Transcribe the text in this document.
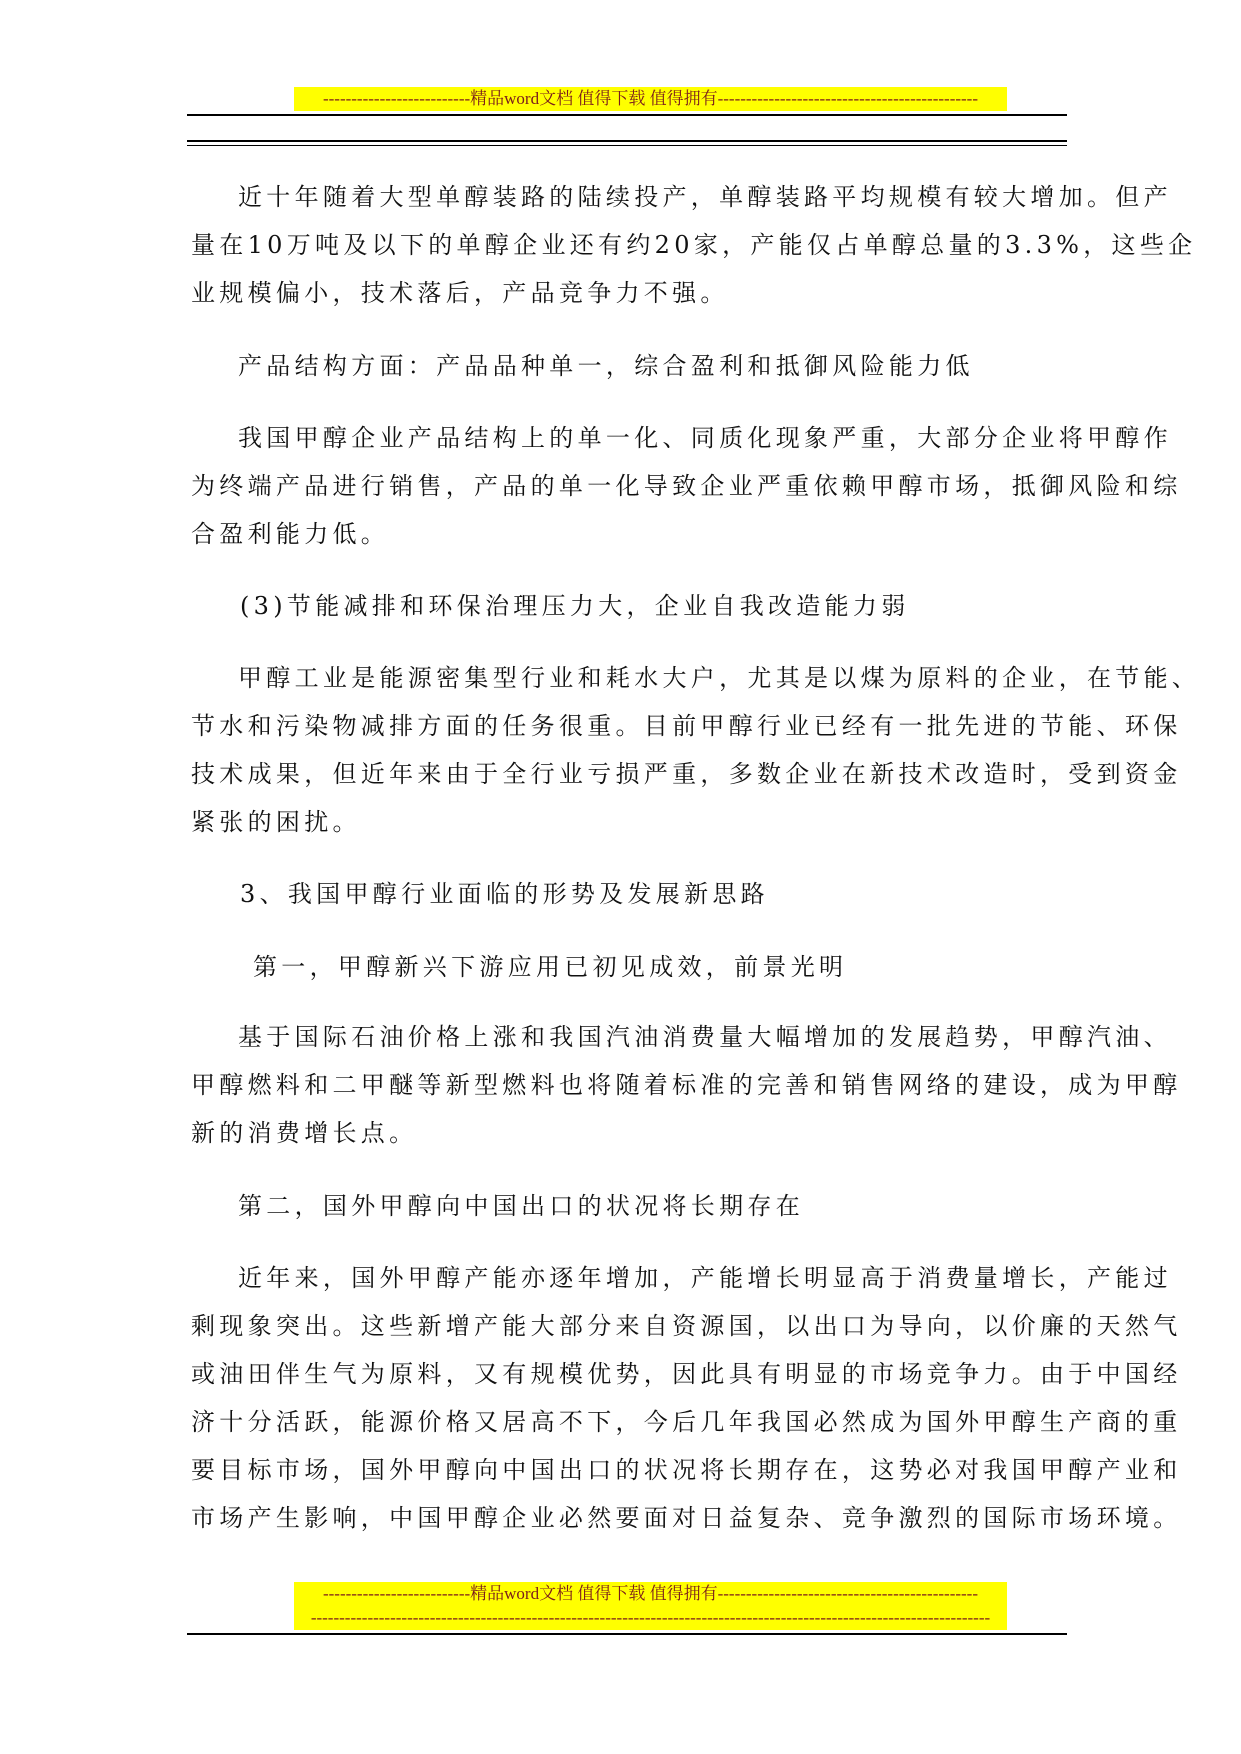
--------------------------精品word文档 值得下载 值得拥有----------------------------------------------
近十年随着大型单醇装路的陆续投产，单醇装路平均规模有较大增加。但产
量在10万吨及以下的单醇企业还有约20家，产能仅占单醇总量的3.3%，这些企
业规模偏小，技术落后，产品竞争力不强。
产品结构方面：产品品种单一，综合盈利和抵御风险能力低
我国甲醇企业产品结构上的单一化、同质化现象严重，大部分企业将甲醇作
为终端产品进行销售，产品的单一化导致企业严重依赖甲醇市场，抵御风险和综
合盈利能力低。
(3)节能减排和环保治理压力大，企业自我改造能力弱
甲醇工业是能源密集型行业和耗水大户，尤其是以煤为原料的企业，在节能、
节水和污染物减排方面的任务很重。目前甲醇行业已经有一批先进的节能、环保
技术成果，但近年来由于全行业亏损严重，多数企业在新技术改造时，受到资金
紧张的困扰。
3、我国甲醇行业面临的形势及发展新思路
第一，甲醇新兴下游应用已初见成效，前景光明
基于国际石油价格上涨和我国汽油消费量大幅增加的发展趋势，甲醇汽油、
甲醇燃料和二甲醚等新型燃料也将随着标准的完善和销售网络的建设，成为甲醇
新的消费增长点。
第二，国外甲醇向中国出口的状况将长期存在
近年来，国外甲醇产能亦逐年增加，产能增长明显高于消费量增长，产能过
剩现象突出。这些新增产能大部分来自资源国，以出口为导向，以价廉的天然气
或油田伴生气为原料，又有规模优势，因此具有明显的市场竞争力。由于中国经
济十分活跃，能源价格又居高不下，今后几年我国必然成为国外甲醇生产商的重
要目标市场，国外甲醇向中国出口的状况将长期存在，这势必对我国甲醇产业和
市场产生影响，中国甲醇企业必然要面对日益复杂、竞争激烈的国际市场环境。
--------------------------精品word文档 值得下载 值得拥有----------------------------------------------
------------------------------------------------------------------------------------------------------------------------
